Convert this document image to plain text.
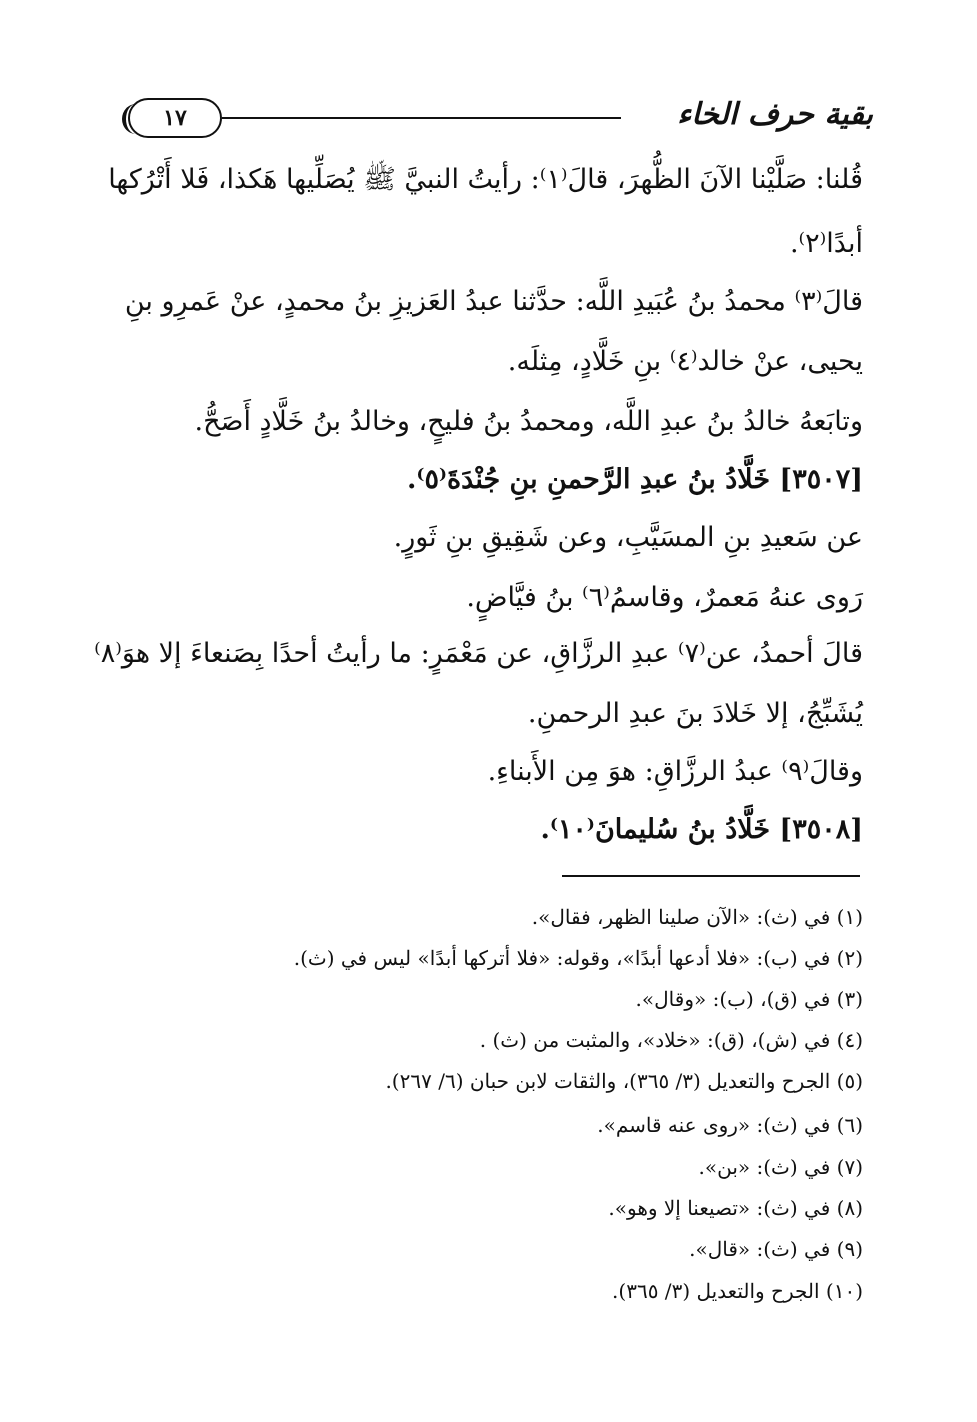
١٧	بقية حرف الخاء
قُلنا: صَلَّيْنا الآنَ الظُّهرَ، قالَ⁽١⁾: رأيتُ النبيَّ ﷺ يُصَلِّيها هَكذا، فَلا أَتْرُكها
أبدًا⁽٢⁾.
قالَ⁽٣⁾ محمدُ بنُ عُبَيدِ اللَّه: حدَّثنا عبدُ العَزيزِ بنُ محمدٍ، عنْ عَمرِو بنِ
يحيى، عنْ خالد⁽٤⁾ بنِ خَلَّادٍ، مِثلَه.
وتابَعهُ خالدُ بنُ عبدِ اللَّه، ومحمدُ بنُ فليحٍ، وخالدُ بنُ خَلَّادٍ أَصَحُّ.
[٣٥٠٧] خَلَّادُ بنُ عبدِ الرَّحمنِ بنِ جُنْدَةَ⁽٥⁾.
عن سَعيدِ بنِ المسَيَّبِ، وعن شَقِيقِ بنِ ثَورٍ.
رَوى عنهُ مَعمرٌ، وقاسمُ⁽٦⁾ بنُ فيَّاضٍ.
قالَ أحمدُ، عن⁽٧⁾ عبدِ الرزَّاقِ، عن مَعْمَرٍ: ما رأيتُ أحدًا بِصَنعاءَ إلا هوَ⁽٨⁾
يُشَبِّجُ، إلا خَلادَ بنَ عبدِ الرحمنِ.
وقالَ⁽٩⁾ عبدُ الرزَّاقِ: هوَ مِن الأَبناءِ.
[٣٥٠٨] خَلَّادُ بنُ سُليمانَ⁽١٠⁾.
(١) في (ث): «الآن صلينا الظهر، فقال».
(٢) في (ب): «فلا أدعها أبدًا»، وقوله: «فلا أتركها أبدًا» ليس في (ث).
(٣) في (ق)، (ب): «وقال».
(٤) في (ش)، (ق): «خلاد»، والمثبت من (ث) .
(٥) الجرح والتعديل (٣/ ٣٦٥)، والثقات لابن حبان (٦/ ٢٦٧).
(٦) في (ث): «روى عنه قاسم».
(٧) في (ث): «بن».
(٨) في (ث): «تصيعنا إلا وهو».
(٩) في (ث): «قال».
(١٠) الجرح والتعديل (٣/ ٣٦٥).
